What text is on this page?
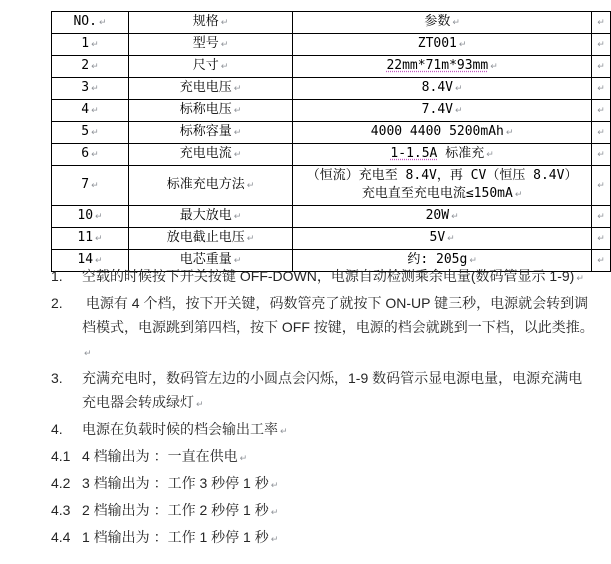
NO. ↵	规格 ↵	参数 ↵	↵
1 ↵	型号 ↵	ZT001 ↵	↵
2 ↵	尺寸 ↵	22mm*71m*93mm ↵	↵
3 ↵	充电电压 ↵	8.4V ↵	↵
4 ↵	标称电压 ↵	7.4V ↵	↵
5 ↵	标称容量 ↵	4000 4400 5200mAh ↵	↵
6 ↵	充电电流 ↵	1-1.5A 标准充 ↵	↵
7 ↵	标准充电方法 ↵	（恒流）充电至 8.4V，再 CV（恒压 8.4V）
充电直至充电电流≤150mA ↵	↵
10 ↵	最大放电 ↵	20W ↵	↵
11 ↵	放电截止电压 ↵	5V ↵	↵
14 ↵	电芯重量 ↵	约: 205g ↵	↵
1.	空载的时候按下开关按键 OFF-DOWN，电源自动检测乘余电量(数码管显示 1-9) ↵
2.	电源有 4 个档，按下开关键，码数管亮了就按下 ON-UP 键三秒，电源就会转到调档模式，电源跳到第四档，按下 OFF 按键，电源的档会就跳到一下档，以此类推。↵
3.	充满充电时，数码管左边的小圆点会闪烁，1-9 数码管示显电源电量，电源充满电充电器会转成绿灯 ↵
4.	电源在负载时候的档会输出工率 ↵
4.1 4 档输出为 ：一直在供电 ↵
4.2 3 档输出为 ：工作 3 秒停 1 秒 ↵
4.3 2 档输出为 ：工作 2 秒停 1 秒 ↵
4.4 1 档输出为 ：工作 1 秒停 1 秒 ↵
